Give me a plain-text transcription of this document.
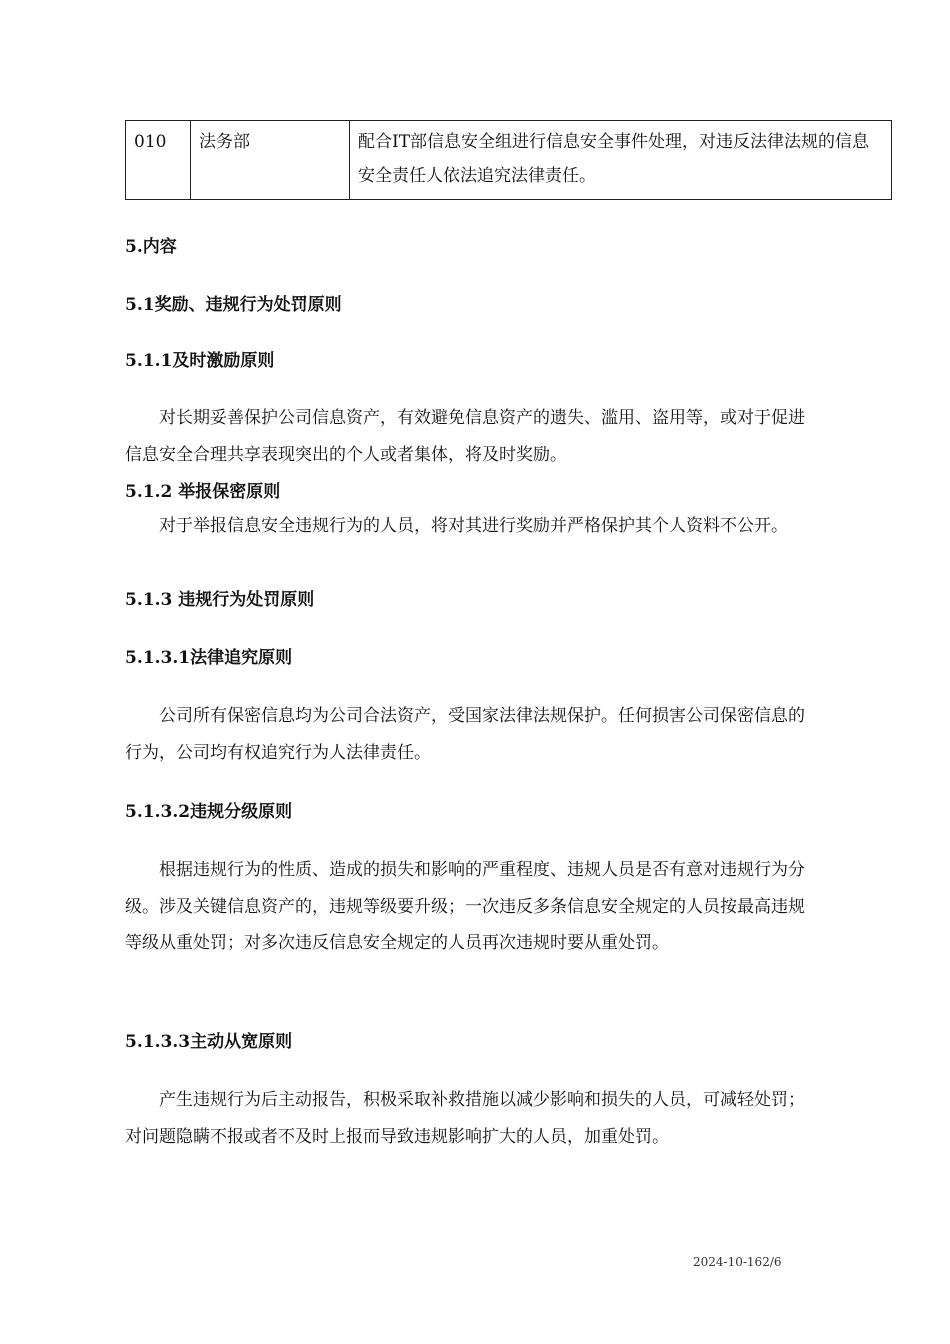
010	法务部	配合IT部信息安全组进行信息安全事件处理，对违反法律法规的信息安全责任人依法追究法律责任。
5.内容
5.1奖励、违规行为处罚原则
5.1.1及时激励原则

对长期妥善保护公司信息资产，有效避免信息资产的遗失、滥用、盗用等，或对于促进信息安全合理共享表现突出的个人或者集体，将及时奖励。

5.1.2 举报保密原则

对于举报信息安全违规行为的人员，将对其进行奖励并严格保护其个人资料不公开。

5.1.3 违规行为处罚原则
5.1.3.1法律追究原则

公司所有保密信息均为公司合法资产，受国家法律法规保护。任何损害公司保密信息的行为，公司均有权追究行为人法律责任。

5.1.3.2违规分级原则

根据违规行为的性质、造成的损失和影响的严重程度、违规人员是否有意对违规行为分级。涉及关键信息资产的，违规等级要升级；一次违反多条信息安全规定的人员按最高违规等级从重处罚；对多次违反信息安全规定的人员再次违规时要从重处罚。

5.1.3.3主动从宽原则

产生违规行为后主动报告，积极采取补救措施以减少影响和损失的人员，可减轻处罚；对问题隐瞒不报或者不及时上报而导致违规影响扩大的人员，加重处罚。

2024-10-162/6
